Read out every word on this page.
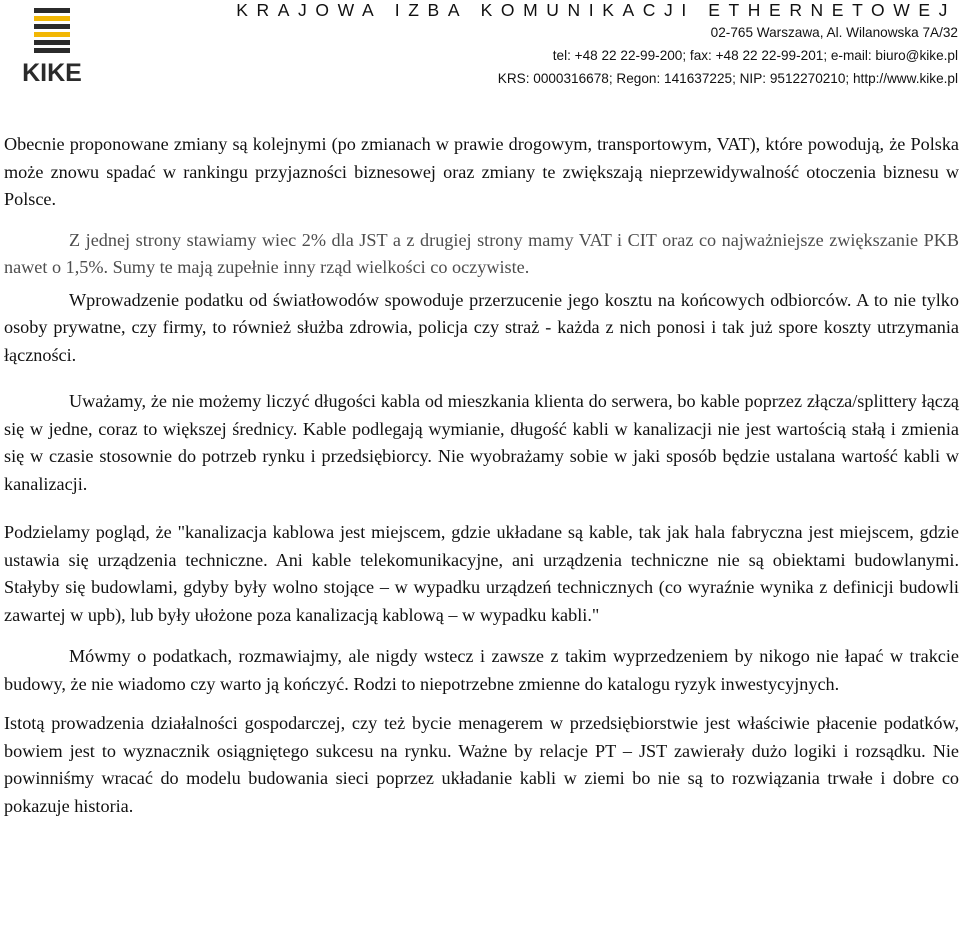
KIKE
KRAJOWA IZBA KOMUNIKACJI ETHERNETOWEJ
02-765 Warszawa, Al. Wilanowska 7A/32
tel: +48 22 22-99-200; fax: +48 22 22-99-201; e-mail: biuro@kike.pl
KRS: 0000316678; Regon: 141637225; NIP: 9512270210; http://www.kike.pl

Obecnie proponowane zmiany są kolejnymi (po zmianach w prawie drogowym, transportowym, VAT), które powodują, że Polska może znowu spadać w rankingu przyjazności biznesowej oraz zmiany te zwiększają nieprzewidywalność otoczenia biznesu w Polsce.

Z jednej strony stawiamy wiec 2% dla JST a z drugiej strony mamy VAT i CIT oraz co najważniejsze zwiększanie PKB nawet o 1,5%. Sumy te mają zupełnie inny rząd wielkości co oczywiste.

Wprowadzenie podatku od światłowodów spowoduje przerzucenie jego kosztu na końcowych odbiorców. A to nie tylko osoby prywatne, czy firmy, to również służba zdrowia, policja czy straż - każda z nich ponosi i tak już spore koszty utrzymania łączności.

Uważamy, że nie możemy liczyć długości kabla od mieszkania klienta do serwera, bo kable poprzez złącza/splittery łączą się w jedne, coraz to większej średnicy. Kable podlegają wymianie, długość kabli w kanalizacji nie jest wartością stałą i zmienia się w czasie stosownie do potrzeb rynku i przedsiębiorcy. Nie wyobrażamy sobie w jaki sposób będzie ustalana wartość kabli w kanalizacji.

Podzielamy pogląd, że "kanalizacja kablowa jest miejscem, gdzie układane są kable, tak jak hala fabryczna jest miejscem, gdzie ustawia się urządzenia techniczne. Ani kable telekomunikacyjne, ani urządzenia techniczne nie są obiektami budowlanymi. Stałyby się budowlami, gdyby były wolno stojące – w wypadku urządzeń technicznych (co wyraźnie wynika z definicji budowli zawartej w upb), lub były ułożone poza kanalizacją kablową – w wypadku kabli."

Mówmy o podatkach, rozmawiajmy, ale nigdy wstecz i zawsze z takim wyprzedzeniem by nikogo nie łapać w trakcie budowy, że nie wiadomo czy warto ją kończyć. Rodzi to niepotrzebne zmienne do katalogu ryzyk inwestycyjnych.

Istotą prowadzenia działalności gospodarczej, czy też bycie menagerem w przedsiębiorstwie jest właściwie płacenie podatków, bowiem jest to wyznacznik osiągniętego sukcesu na rynku. Ważne by relacje PT – JST zawierały dużo logiki i rozsądku. Nie powinniśmy wracać do modelu budowania sieci poprzez układanie kabli w ziemi bo nie są to rozwiązania trwałe i dobre co pokazuje historia.
